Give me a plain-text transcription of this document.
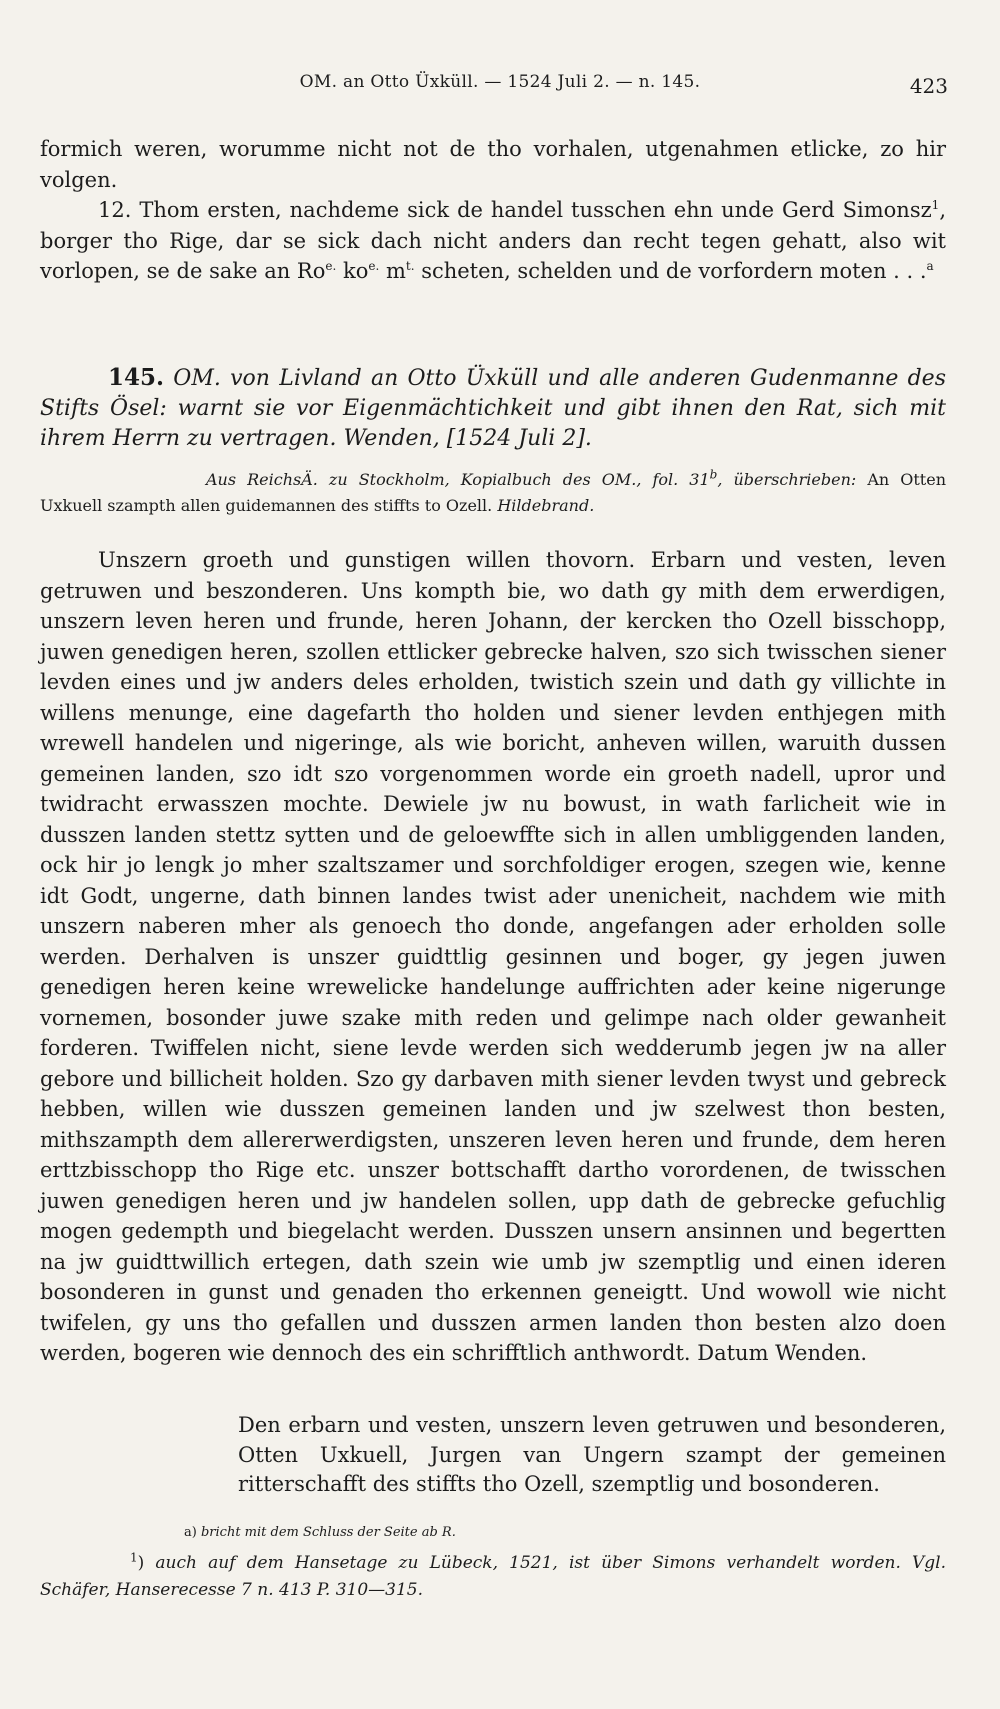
OM. an Otto Üxküll. — 1524 Juli 2. — n. 145.	423

formich weren, worumme nicht not de tho vorhalen, utgenahmen etlicke, zo hir volgen.

12. Thom ersten, nachdeme sick de handel tusschen ehn unde Gerd Simonsz$^1$, borger tho Rige, dar se sick dach nicht anders dan recht tegen gehatt, also wit vorlopen, se de sake an $Ro^{e.}$ $ko^{e.}$ $m^{t.}$ scheten, schelden und de vorfordern moten . . .$^a$

145. OM. von Livland an Otto Üxküll und alle anderen Gudenmanne des Stifts Ösel: warnt sie vor Eigenmächtichkeit und gibt ihnen den Rat, sich mit ihrem Herrn zu vertragen. Wenden, [1524 Juli 2].
Aus ReichsÄ. zu Stockholm, Kopialbuch des OM., fol. 31$^b$, überschrieben: An Otten Uxkuell szampth allen guidemannen des stiffts to Ozell. Hildebrand.

Unszern groeth und gunstigen willen thovorn. Erbarn und vesten, leven getruwen und beszonderen. Uns kompth bie, wo dath gy mith dem erwerdigen, unszern leven heren und frunde, heren Johann, der kercken tho Ozell bisschopp, juwen genedigen heren, szollen ettlicker gebrecke halven, szo sich twisschen siener levden eines und jw anders deles erholden, twistich szein und dath gy villichte in willens menunge, eine dagefarth tho holden und siener levden enthjegen mith wrewell handelen und nigeringe, als wie boricht, anheven willen, waruith dussen gemeinen landen, szo idt szo vorgenommen worde ein groeth nadell, upror und twidracht erwasszen mochte. Dewiele jw nu bowust, in wath farlicheit wie in dusszen landen stettz sytten und de geloewffte sich in allen umbliggenden landen, ock hir jo lengk jo mher szaltszamer und sorchfoldiger erogen, szegen wie, kenne idt Godt, ungerne, dath binnen landes twist ader unenicheit, nachdem wie mith unszern naberen mher als genoech tho donde, angefangen ader erholden solle werden. Derhalven is unszer guidttlig gesinnen und boger, gy jegen juwen genedigen heren keine wrewelicke handelunge auffrichten ader keine nigerunge vornemen, bosonder juwe szake mith reden und gelimpe nach older gewanheit forderen. Twiffelen nicht, siene levde werden sich wedderumb jegen jw na aller gebore und billicheit holden. Szo gy darbaven mith siener levden twyst und gebreck hebben, willen wie dusszen gemeinen landen und jw szelwest thon besten, mithszampth dem allererwerdigsten, unszeren leven heren und frunde, dem heren erttzbisschopp tho Rige etc. unszer bottschafft dartho vorordenen, de twisschen juwen genedigen heren und jw handelen sollen, upp dath de gebrecke gefuchlig mogen gedempth und biegelacht werden. Dusszen unsern ansinnen und begertten na jw guidttwillich ertegen, dath szein wie umb jw szemptlig und einen ideren bosonderen in gunst und genaden tho erkennen geneigtt. Und wowoll wie nicht twifelen, gy uns tho gefallen und dusszen armen landen thon besten alzo doen werden, bogeren wie dennoch des ein schrifftlich anthwordt. Datum Wenden.

Den erbarn und vesten, unszern leven getruwen und besonderen, Otten Uxkuell, Jurgen van Ungern szampt der gemeinen ritterschafft des stiffts tho Ozell, szemptlig und bosonderen.
a) bricht mit dem Schluss der Seite ab R.
$^1$) auch auf dem Hansetage zu Lübeck, 1521, ist über Simons verhandelt worden. Vgl. Schäfer, Hanserecesse 7 n. 413 P. 310—315.
